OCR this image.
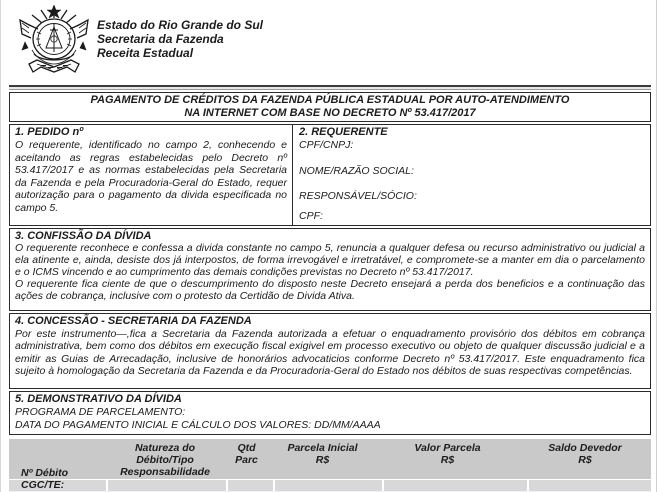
Estado do Rio Grande do Sul
Secretaria da Fazenda
Receita Estadual
PAGAMENTO DE CRÉDITOS DA FAZENDA PÚBLICA ESTADUAL POR AUTO-ATENDIMENTO
NA INTERNET COM BASE NO DECRETO Nº 53.417/2017
1. PEDIDO nº
O requerente, identificado no campo 2, conhecendo e aceitando as regras estabelecidas pelo Decreto nº 53.417/2017 e as normas estabelecidas pela Secretaria da Fazenda e pela Procuradoria-Geral do Estado, requer autorização para o pagamento da divida especificada no campo 5.
2. REQUERENTE
CPF/CNPJ:
NOME/RAZÃO SOCIAL:
RESPONSÁVEL/SÓCIO:
CPF:
3. CONFISSÃO DA DÍVIDA
O requerente reconhece e confessa a divida constante no campo 5, renuncia a qualquer defesa ou recurso administrativo ou judicial a ela atinente e, ainda, desiste dos já interpostos, de forma irrevogável e irretratável, e compromete-se a manter em dia o parcelamento e o ICMS vincendo e ao cumprimento das demais condições previstas no Decreto nº 53.417/2017.
O requerente fica ciente de que o descumprimento do disposto neste Decreto ensejará a perda dos beneficios e a continuação das ações de cobrança, inclusive com o protesto da Certidão de Divida Ativa.
4. CONCESSÃO - SECRETARIA DA FAZENDA
Por este instrumento—,fica a Secretaria da Fazenda autorizada a efetuar o enquadramento provisório dos débitos em cobrança administrativa, bem como dos débitos em execução fiscal exigivel em processo executivo ou objeto de qualquer discussão judicial e a emitir as Guias de Arrecadação, inclusive de honorários advocaticios conforme Decreto nº 53.417/2017. Este enquadramento fica sujeito à homologação da Secretaria da Fazenda e da Procuradoria-Geral do Estado nos débitos de suas respectivas competências.
5. DEMONSTRATIVO DA DÍVIDA
PROGRAMA DE PARCELAMENTO:
DATA DO PAGAMENTO INICIAL E CÁLCULO DOS VALORES: DD/MM/AAAA
Nº Débito
Natureza do Débito/Tipo
Responsabilidade
Qtd
Parc
Parcela Inicial
R$
Valor Parcela
R$
Saldo Devedor
R$
CGC/TE:
